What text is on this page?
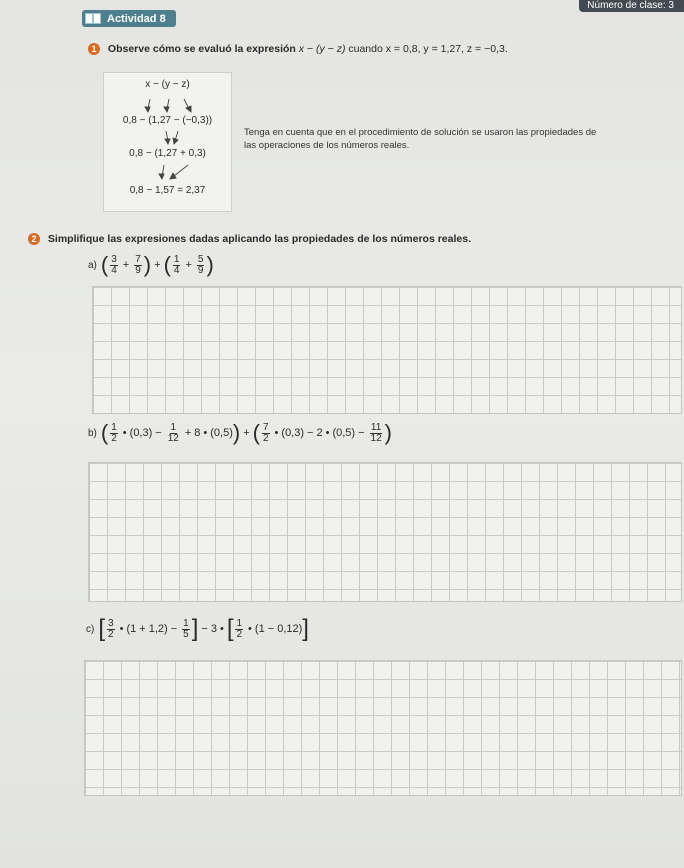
Número de clase: 3
Actividad 8
1 Observe cómo se evaluó la expresión x − (y − z) cuando x = 0,8, y = 1,27, z = −0,3.
x − (y − z)
0,8 − (1,27 − (−0,3))
0,8 − (1,27 + 0,3)
0,8 − 1,57 = 2,37
Tenga en cuenta que en el procedimiento de solución se usaron las propiedades de las operaciones de los números reales.
2 Simplifique las expresiones dadas aplicando las propiedades de los números reales.
a) ( $\frac{3}{4} + \frac{7}{9}$ ) + ( $\frac{1}{4} + \frac{5}{9}$ )
b) ( $\frac{1}{2}$ • $(0,3) - \frac{1}{12} + 8$ • (0,5) ) + ( $\frac{7}{2}$ • (0,3) − 2 • $(0,5) - \frac{11}{12}$ )
c) [ $\frac{3}{2}$ • $(1 + 1,2) - \frac{1}{5}$ ] − 3 • [ $\frac{1}{2}$ • (1 − 0,12) ]
